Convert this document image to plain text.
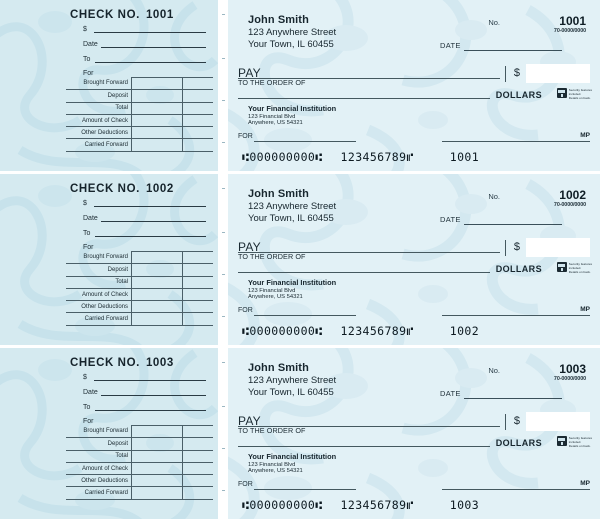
CHECK NO. 1001
$
Date
To
For
Brought Forward		
Deposit		
Total		
Amount of Check		
Other Deductions		
Carried Forward		
John Smith
123 Anywhere Street
Your Town, IL 60455
No.	1001
70-0000/0000
DATE
PAY
TO THE ORDER OF
$
DOLLARS
Security features
included.
Details on back.
Your Financial Institution
123 Financial Blvd
Anywhere, US 54321
FOR	MP
⑆000000000⑆ 123456789⑈	1001
CHECK NO. 1002
$
Date
To
For
Brought Forward		
Deposit		
Total		
Amount of Check		
Other Deductions		
Carried Forward		
John Smith
123 Anywhere Street
Your Town, IL 60455
No.	1002
70-0000/0000
DATE
PAY
TO THE ORDER OF
$
DOLLARS
Security features
included.
Details on back.
Your Financial Institution
123 Financial Blvd
Anywhere, US 54321
FOR	MP
⑆000000000⑆ 123456789⑈	1002
CHECK NO. 1003
$
Date
To
For
Brought Forward		
Deposit		
Total		
Amount of Check		
Other Deductions		
Carried Forward		
John Smith
123 Anywhere Street
Your Town, IL 60455
No.	1003
70-0000/0000
DATE
PAY
TO THE ORDER OF
$
DOLLARS
Security features
included.
Details on back.
Your Financial Institution
123 Financial Blvd
Anywhere, US 54321
FOR	MP
⑆000000000⑆ 123456789⑈	1003
